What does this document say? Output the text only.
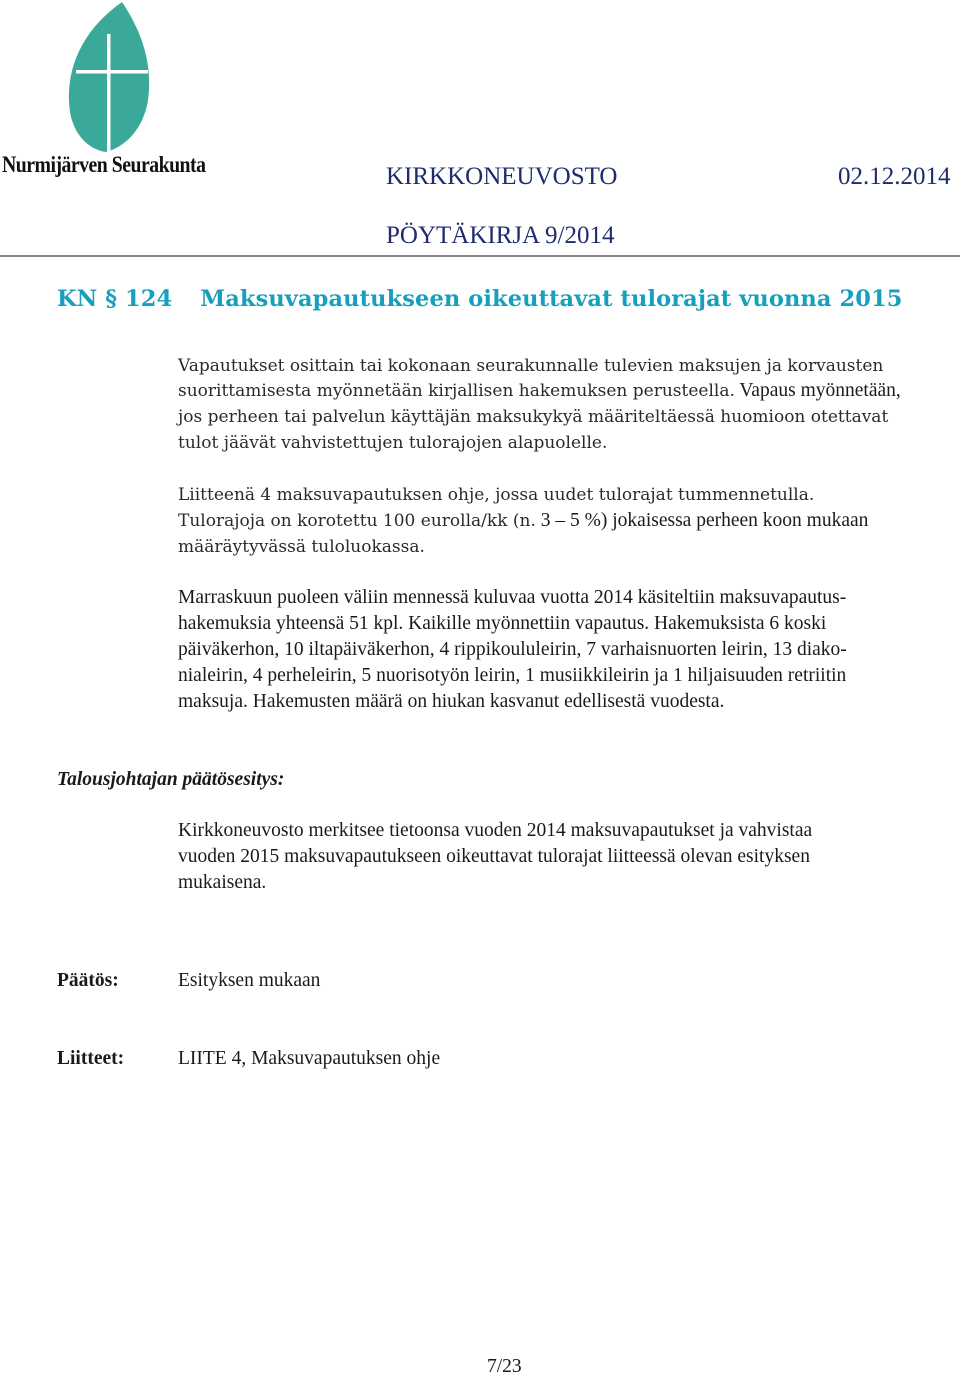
Nurmijärven Seurakunta	KIRKKONEUVOSTO	02.12.2014
PÖYTÄKIRJA 9/2014
KN § 124 Maksuvapautukseen oikeuttavat tulorajat vuonna 2015
Vapautukset osittain tai kokonaan seurakunnalle tulevien maksujen ja korvausten
suorittamisesta myönnetään kirjallisen hakemuksen perusteella. Vapaus myönnetään,
jos perheen tai palvelun käyttäjän maksukykyä määriteltäessä huomioon otettavat
tulot jäävät vahvistettujen tulorajojen alapuolelle.
Liitteenä 4 maksuvapautuksen ohje, jossa uudet tulorajat tummennetulla.
Tulorajoja on korotettu 100 eurolla/kk (n. 3 – 5 %) jokaisessa perheen koon mukaan
määräytyvässä tuloluokassa.
Marraskuun puoleen väliin mennessä kuluvaa vuotta 2014 käsiteltiin maksuvapautus-
hakemuksia yhteensä 51 kpl. Kaikille myönnettiin vapautus. Hakemuksista 6 koski
päiväkerhon, 10 iltapäiväkerhon, 4 rippikoululeirin, 7 varhaisnuorten leirin, 13 diako-
nialeirin, 4 perheleirin, 5 nuorisotyön leirin, 1 musiikkileirin ja 1 hiljaisuuden retriitin
maksuja. Hakemusten määrä on hiukan kasvanut edellisestä vuodesta.
Talousjohtajan päätösesitys:
Kirkkoneuvosto merkitsee tietoonsa vuoden 2014 maksuvapautukset ja vahvistaa
vuoden 2015 maksuvapautukseen oikeuttavat tulorajat liitteessä olevan esityksen
mukaisena.
Päätös:	Esityksen mukaan
Liitteet:	LIITE 4, Maksuvapautuksen ohje
7/23
